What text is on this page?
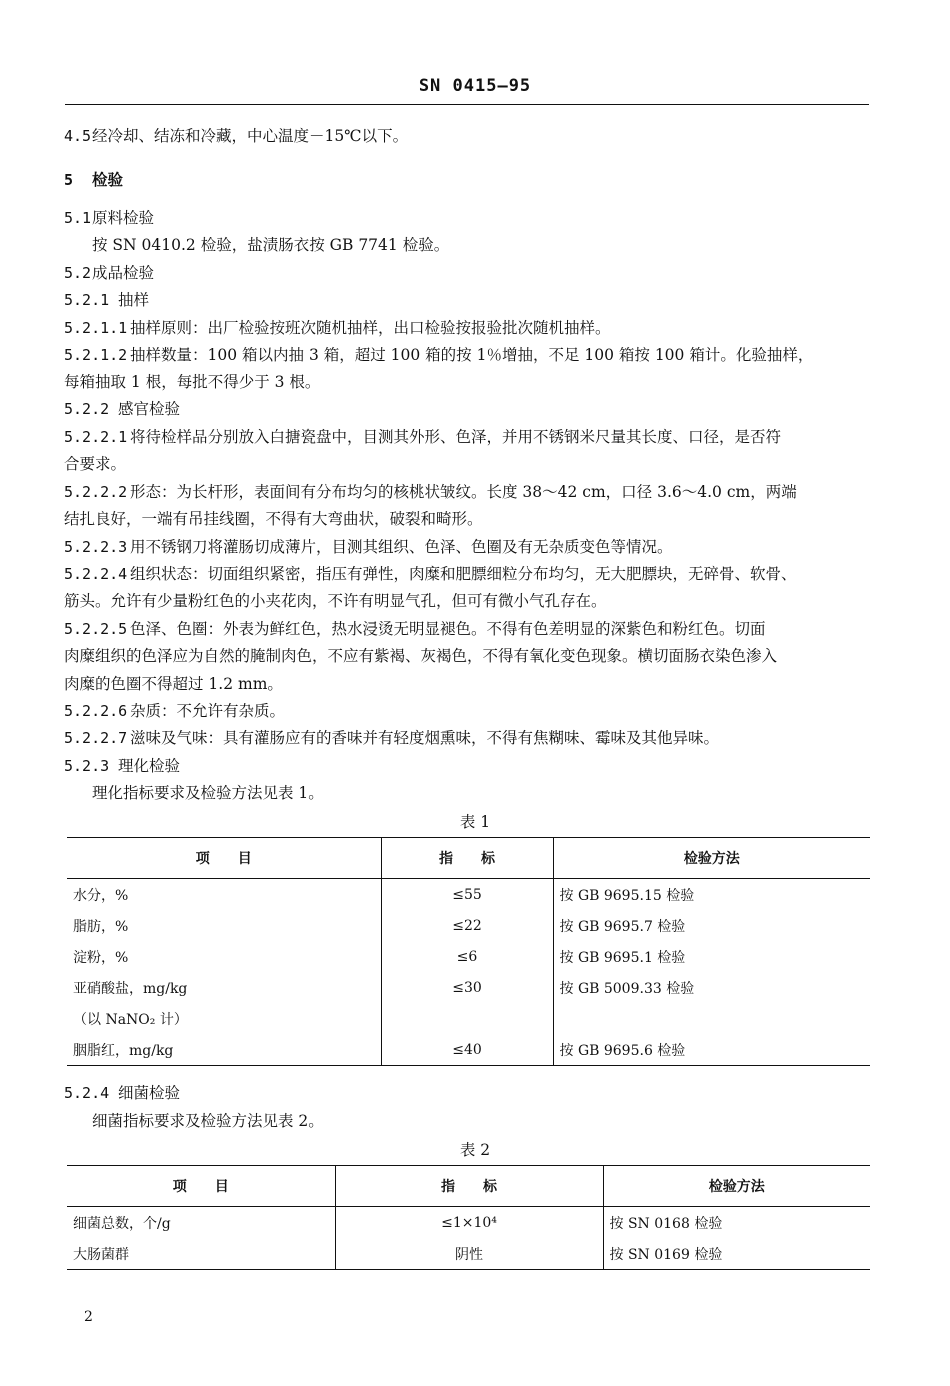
SN 0415—95
4.5经冷却、结冻和冷藏，中心温度－15℃以下。
5 检验
5.1原料检验
按 SN 0410.2 检验，盐渍肠衣按 GB 7741 检验。
5.2成品检验
5.2.1 抽样
5.2.1.1 抽样原则：出厂检验按班次随机抽样，出口检验按报验批次随机抽样。
5.2.1.2 抽样数量：100 箱以内抽 3 箱，超过 100 箱的按 1％增抽，不足 100 箱按 100 箱计。化验抽样，
每箱抽取 1 根，每批不得少于 3 根。
5.2.2 感官检验
5.2.2.1 将待检样品分别放入白搪瓷盘中，目测其外形、色泽，并用不锈钢米尺量其长度、口径，是否符
合要求。
5.2.2.2 形态：为长杆形，表面间有分布均匀的核桃状皱纹。长度 38～42 cm，口径 3.6～4.0 cm，两端
结扎良好，一端有吊挂线圈，不得有大弯曲状，破裂和畸形。
5.2.2.3 用不锈钢刀将灌肠切成薄片，目测其组织、色泽、色圈及有无杂质变色等情况。
5.2.2.4 组织状态：切面组织紧密，指压有弹性，肉糜和肥膘细粒分布均匀，无大肥膘块，无碎骨、软骨、
筋头。允许有少量粉红色的小夹花肉，不许有明显气孔，但可有微小气孔存在。
5.2.2.5 色泽、色圈：外表为鲜红色，热水浸烫无明显褪色。不得有色差明显的深紫色和粉红色。切面
肉糜组织的色泽应为自然的腌制肉色，不应有紫褐、灰褐色，不得有氧化变色现象。横切面肠衣染色渗入
肉糜的色圈不得超过 1.2 mm。
5.2.2.6 杂质：不允许有杂质。
5.2.2.7 滋味及气味：具有灌肠应有的香味并有轻度烟熏味，不得有焦糊味、霉味及其他异味。
5.2.3 理化检验
理化指标要求及检验方法见表 1。
表 1
项　　目	指　　标	检验方法
水分，%	≤55	按 GB 9695.15 检验
脂肪，%	≤22	按 GB 9695.7 检验
淀粉，%	≤6	按 GB 9695.1 检验
亚硝酸盐，mg/kg	≤30	按 GB 5009.33 检验
（以 NaNO₂ 计）		
胭脂红，mg/kg	≤40	按 GB 9695.6 检验
5.2.4 细菌检验
细菌指标要求及检验方法见表 2。
表 2
项　　目	指　　标	检验方法
细菌总数，个/g	≤1×10⁴	按 SN 0168 检验
大肠菌群	阴性	按 SN 0169 检验
2
